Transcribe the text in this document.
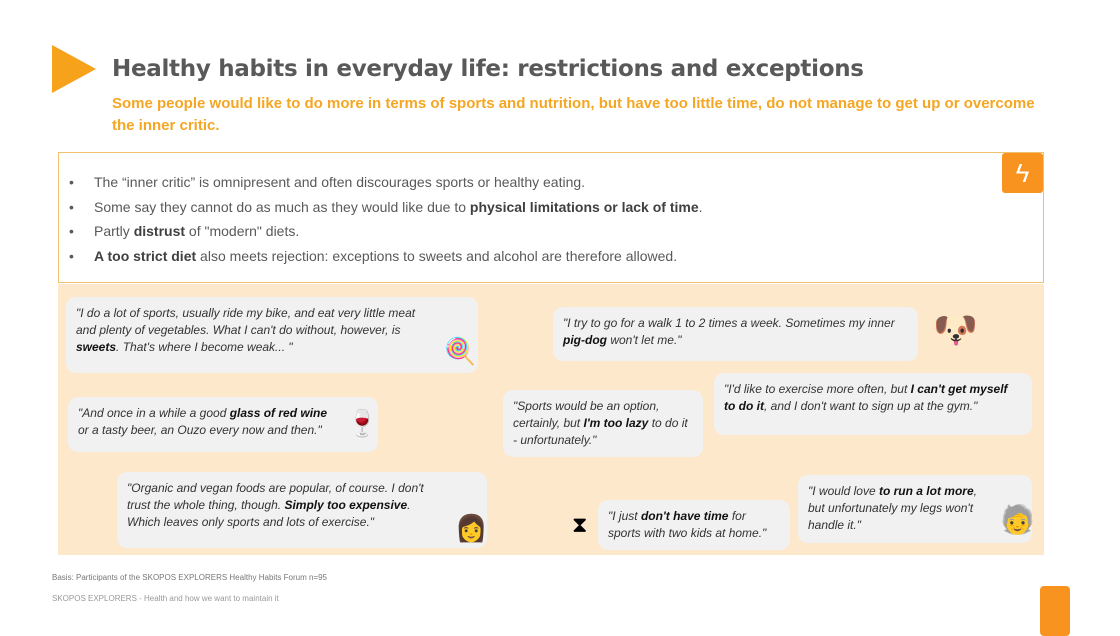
Healthy habits in everyday life: restrictions and exceptions
Some people would like to do more in terms of sports and nutrition, but have too little time, do not manage to get up or overcome the inner critic.
ϟ
• The “inner critic” is omnipresent and often discourages sports or healthy eating.
• Some say they cannot do as much as they would like due to physical limitations or lack of time.
• Partly distrust of "modern" diets.
• A too strict diet also meets rejection: exceptions to sweets and alcohol are therefore allowed.
"I do a lot of sports, usually ride my bike, and eat very little meat and plenty of vegetables. What I can't do without, however, is sweets. That's where I become weak... "	🍭
"And once in a while a good glass of red wine or a tasty beer, an Ouzo every now and then." 🍷
"Organic and vegan foods are popular, of course. I don't trust the whole thing, though. Simply too expensive. Which leaves only sports and lots of exercise."	👩
"I try to go for a walk 1 to 2 times a week. Sometimes my inner pig-dog won't let me."	🐶
"Sports would be an option, certainly, but I'm too lazy to do it - unfortunately."
"I'd like to exercise more often, but I can't get myself to do it, and I don't want to sign up at the gym."
⧗	"I just don't have time for sports with two kids at home."
"I would love to run a lot more, but unfortunately my legs won't handle it."	🧓
Basis: Participants of the SKOPOS EXPLORERS Healthy Habits Forum n=95
SKOPOS EXPLORERS - Health and how we want to maintain it
